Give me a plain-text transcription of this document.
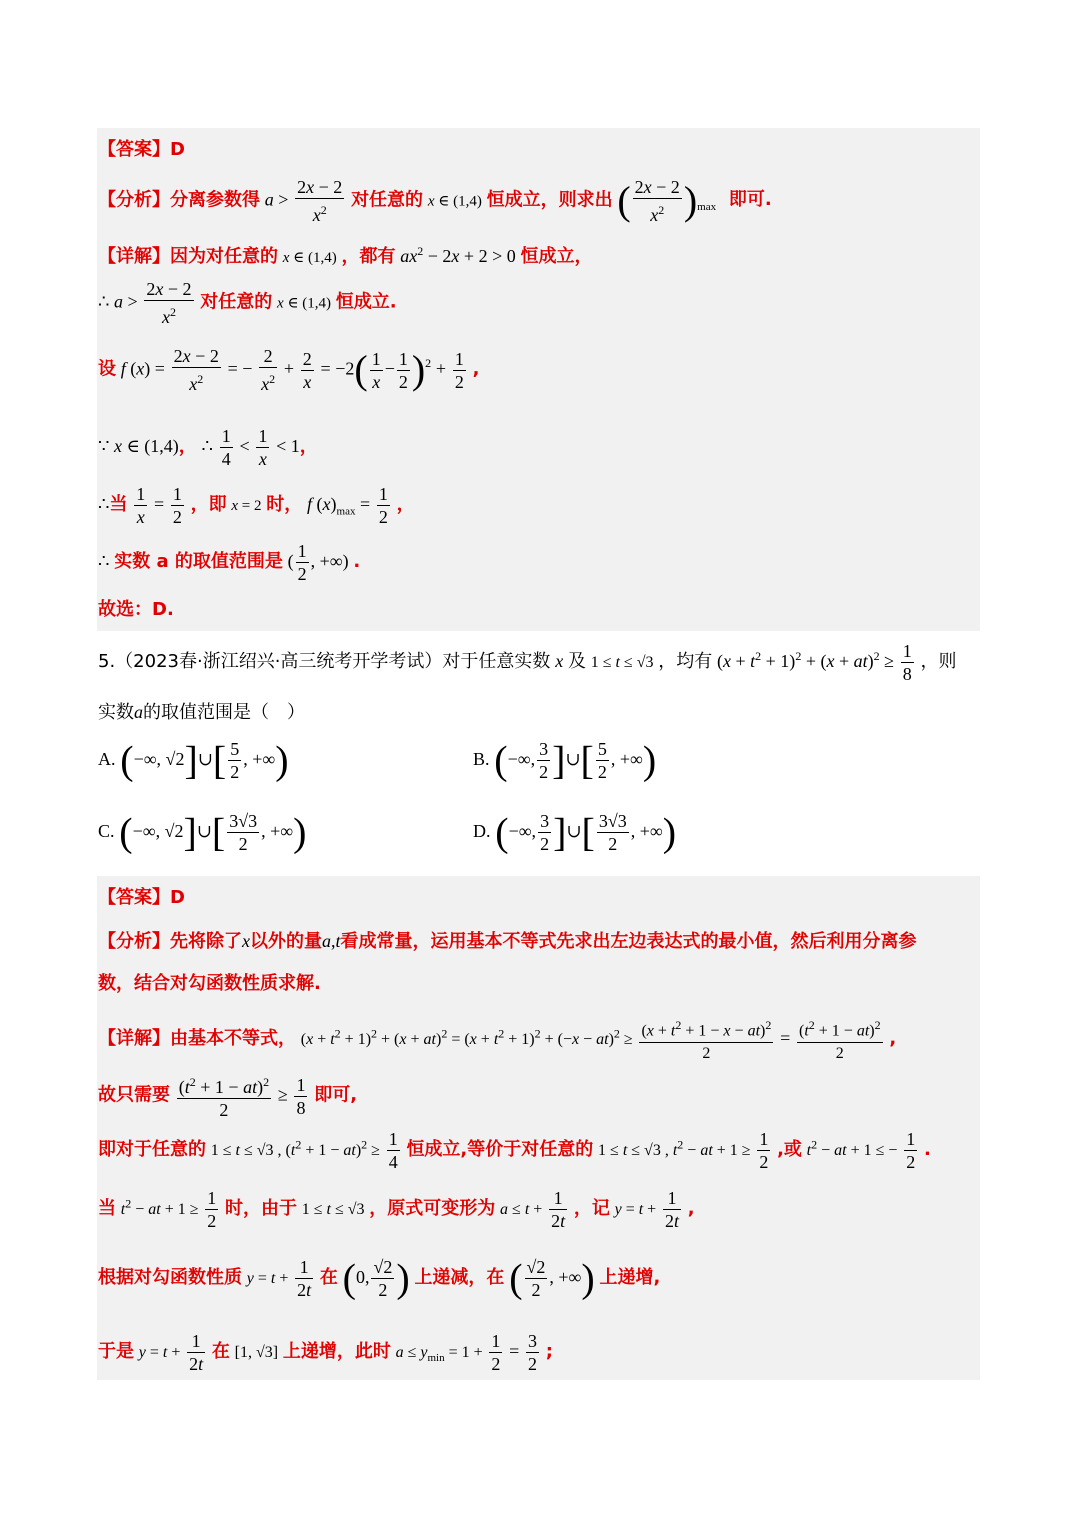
【答案】D
【分析】分离参数得 $a > \frac{2x - 2}{x^2}$ 对任意的 x ∈ (1,4) 恒成立，则求出 ( $\frac{2x - 2}{x^2} )_{max}$ 即可.
【详解】因为对任意的 x ∈ (1,4) ，都有 $ax^2 - 2x + 2 > 0$ 恒成立，
∴ $a > \frac{2x - 2}{x^2}$ 对任意的 x ∈ (1,4) 恒成立.
设 f $(x) = \frac{2x - 2}{x^2}$ = − $\frac{2}{x^2} + \frac{2}{x} = -2( \frac{1}{x} - \frac{1}{2} )^2 + \frac{1}{2}$ ,
∵ x ∈ (1,4)， ∴ $\frac{1}{4} < \frac{1}{x} < 1$，
∴当 $\frac{1}{x} = \frac{1}{2}$ ，即 x = 2 时， f $(x)_{max} = \frac{1}{2}$ ，
∴ 实数 a 的取值范围是 ( $\frac{1}{2}$ , +∞) .
故选：D.
5.（2023春·浙江绍兴·高三统考开学考试）对于任意实数 x 及 1 ≤ t ≤ √3 ，均有 $(x + t^2 + 1)^2 + (x + at)^2 \ge \frac{1}{8}$ ，则
实数a的取值范围是（　）
A. (−∞, √2]∪[ $\frac{5}{2}$ , +∞)	B. (−∞, $\frac{3}{2}$ ]∪[ $\frac{5}{2}$ , +∞)
C. (−∞, √2]∪[ $\frac{3√3}{2}$ , +∞)	D. (−∞, $\frac{3}{2}$ ]∪[ $\frac{3√3}{2}$ , +∞)
【答案】D
【分析】先将除了x以外的量a,t看成常量，运用基本不等式先求出左边表达式的最小值，然后利用分离参
数，结合对勾函数性质求解.
【详解】由基本不等式， $(x + t^2 + 1)^2 + (x + at)^2 = (x + t^2 + 1)^2 + (-x - at)^2 \ge \frac{(x + t^2 + 1 - x - at)^2}{2} = \frac{(t^2 + 1 - at)^2}{2}$ ,
故只需要 $\frac{(t^2 + 1 - at)^2}{2} \ge \frac{1}{8}$ 即可,
即对于任意的 1 ≤ t ≤ √3 , $(t^2 + 1 - at)^2 \ge \frac{1}{4}$ 恒成立,等价于对任意的 1 ≤ t ≤ √3 , $t^2$ − at + $1 \ge \frac{1}{2}$ ,或 $t^2$ − at + 1 ≤ − $\frac{1}{2}$ .
当 $t^2$ − at + $1 \ge \frac{1}{2}$ 时，由于 1 ≤ t ≤ √3 ，原式可变形为 $a \le t + \frac{1}{2t}$ ，记 $y = t + \frac{1}{2t}$ ,
根据对勾函数性质 $y = t + \frac{1}{2t}$ 在 (0, $\frac{√2}{2}$ ) 上递减，在 ( $\frac{√2}{2}$ , +∞) 上递增,
于是 $y = t + \frac{1}{2t}$ 在 [1, √3] 上递增，此时 $a \le y_{min} = 1 + \frac{1}{2} = \frac{3}{2}$ ;
